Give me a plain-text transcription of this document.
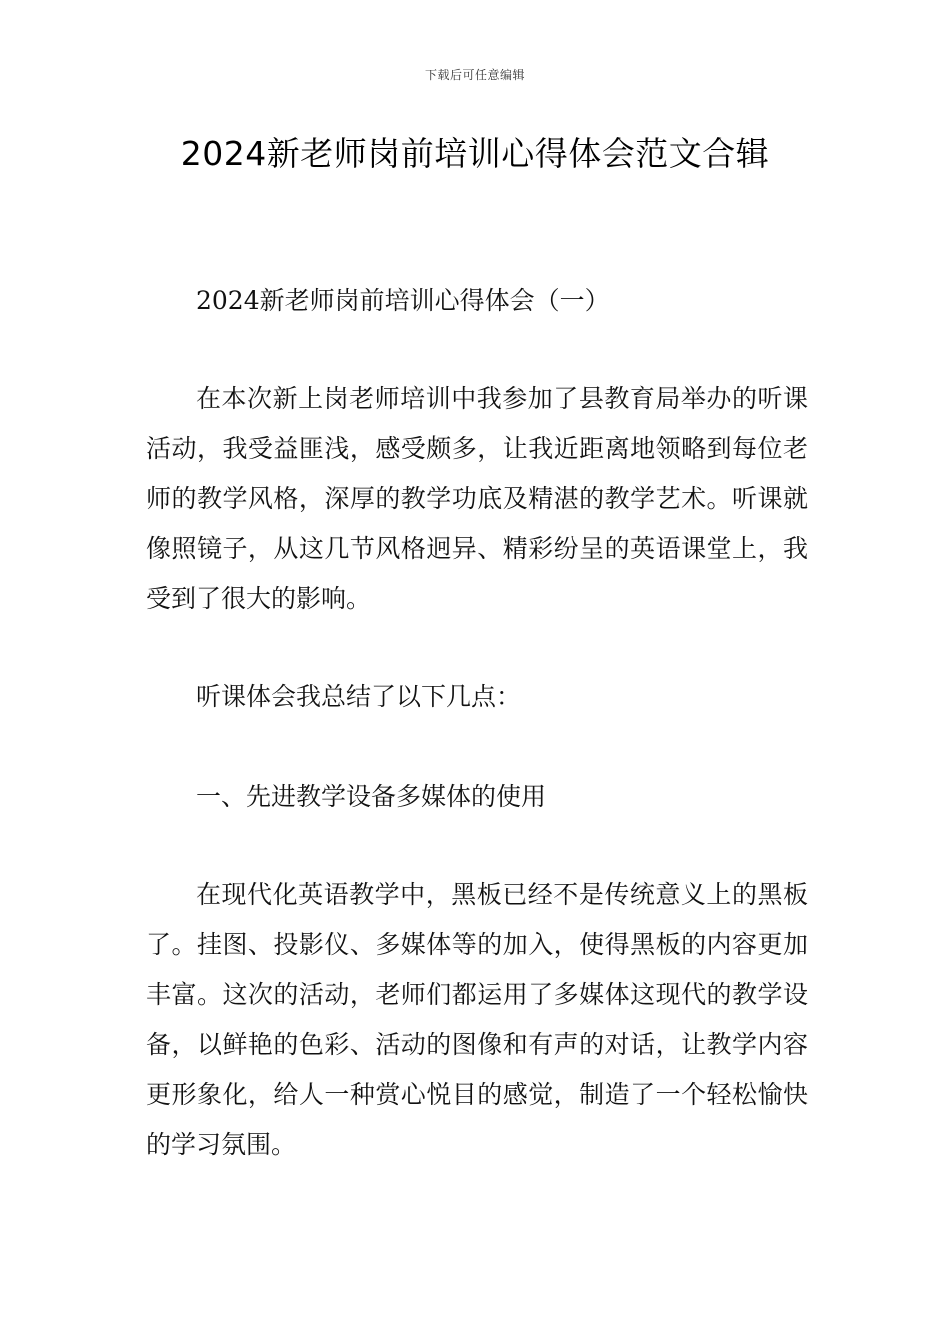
下载后可任意编辑
2024新老师岗前培训心得体会范文合辑

2024新老师岗前培训心得体会（一）

在本次新上岗老师培训中我参加了县教育局举办的听课活动，我受益匪浅，感受颇多，让我近距离地领略到每位老师的教学风格，深厚的教学功底及精湛的教学艺术。听课就像照镜子，从这几节风格迥异、精彩纷呈的英语课堂上，我受到了很大的影响。

听课体会我总结了以下几点：

一、先进教学设备多媒体的使用

在现代化英语教学中，黑板已经不是传统意义上的黑板了。挂图、投影仪、多媒体等的加入，使得黑板的内容更加丰富。这次的活动，老师们都运用了多媒体这现代的教学设备，以鲜艳的色彩、活动的图像和有声的对话，让教学内容更形象化，给人一种赏心悦目的感觉，制造了一个轻松愉快的学习氛围。
